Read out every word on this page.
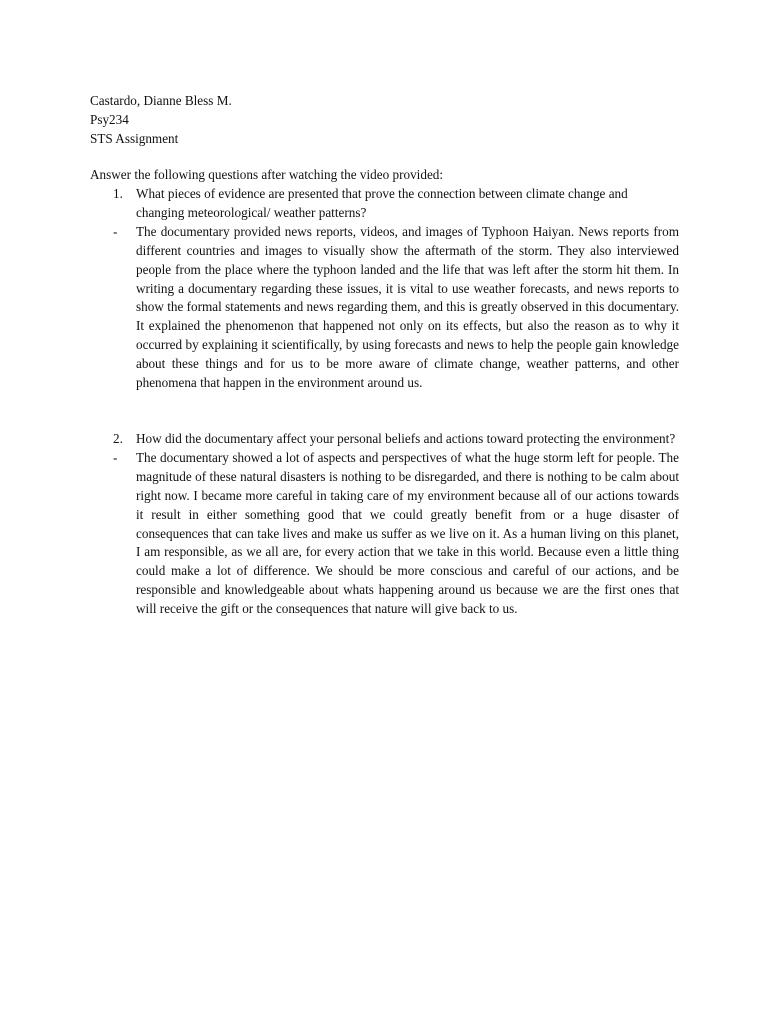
Castardo, Dianne Bless M.
Psy234
STS Assignment
Answer the following questions after watching the video provided:
1. What pieces of evidence are presented that prove the connection between climate change and changing meteorological/ weather patterns?
-	The documentary provided news reports, videos, and images of Typhoon Haiyan. News reports from different countries and images to visually show the aftermath of the storm. They also interviewed people from the place where the typhoon landed and the life that was left after the storm hit them. In writing a documentary regarding these issues, it is vital to use weather forecasts, and news reports to show the formal statements and news regarding them, and this is greatly observed in this documentary. It explained the phenomenon that happened not only on its effects, but also the reason as to why it occurred by explaining it scientifically, by using forecasts and news to help the people gain knowledge about these things and for us to be more aware of climate change, weather patterns, and other phenomena that happen in the environment around us.
2. How did the documentary affect your personal beliefs and actions toward protecting the environment?
-	The documentary showed a lot of aspects and perspectives of what the huge storm left for people. The magnitude of these natural disasters is nothing to be disregarded, and there is nothing to be calm about right now. I became more careful in taking care of my environment because all of our actions towards it result in either something good that we could greatly benefit from or a huge disaster of consequences that can take lives and make us suffer as we live on it. As a human living on this planet, I am responsible, as we all are, for every action that we take in this world. Because even a little thing could make a lot of difference. We should be more conscious and careful of our actions, and be responsible and knowledgeable about whats happening around us because we are the first ones that will receive the gift or the consequences that nature will give back to us.
